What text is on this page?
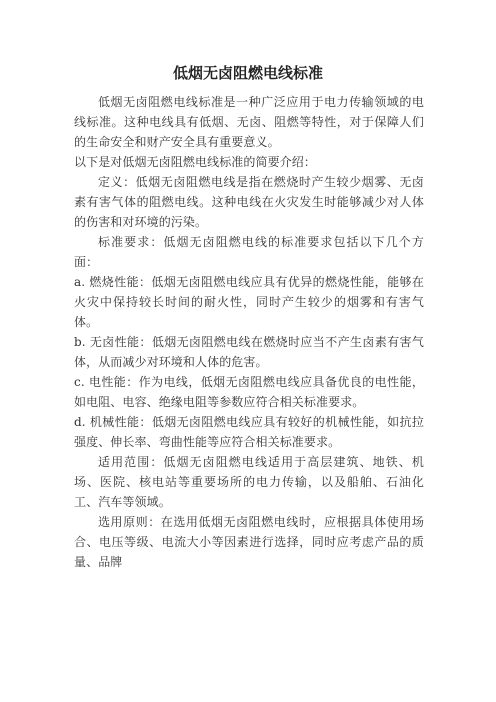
低烟无卤阻燃电线标准

低烟无卤阻燃电线标准是一种广泛应用于电力传输领域的电线标准。这种电线具有低烟、无卤、阻燃等特性，对于保障人们的生命安全和财产安全具有重要意义。

以下是对低烟无卤阻燃电线标准的简要介绍：

定义：低烟无卤阻燃电线是指在燃烧时产生较少烟雾、无卤素有害气体的阻燃电线。这种电线在火灾发生时能够减少对人体的伤害和对环境的污染。

标准要求：低烟无卤阻燃电线的标准要求包括以下几个方面：

a. 燃烧性能：低烟无卤阻燃电线应具有优异的燃烧性能，能够在火灾中保持较长时间的耐火性，同时产生较少的烟雾和有害气体。

b. 无卤性能：低烟无卤阻燃电线在燃烧时应当不产生卤素有害气体，从而减少对环境和人体的危害。

c. 电性能：作为电线，低烟无卤阻燃电线应具备优良的电性能，如电阻、电容、绝缘电阻等参数应符合相关标准要求。

d. 机械性能：低烟无卤阻燃电线应具有较好的机械性能，如抗拉强度、伸长率、弯曲性能等应符合相关标准要求。

适用范围：低烟无卤阻燃电线适用于高层建筑、地铁、机场、医院、核电站等重要场所的电力传输，以及船舶、石油化工、汽车等领域。

选用原则：在选用低烟无卤阻燃电线时，应根据具体使用场合、电压等级、电流大小等因素进行选择，同时应考虑产品的质量、品牌
